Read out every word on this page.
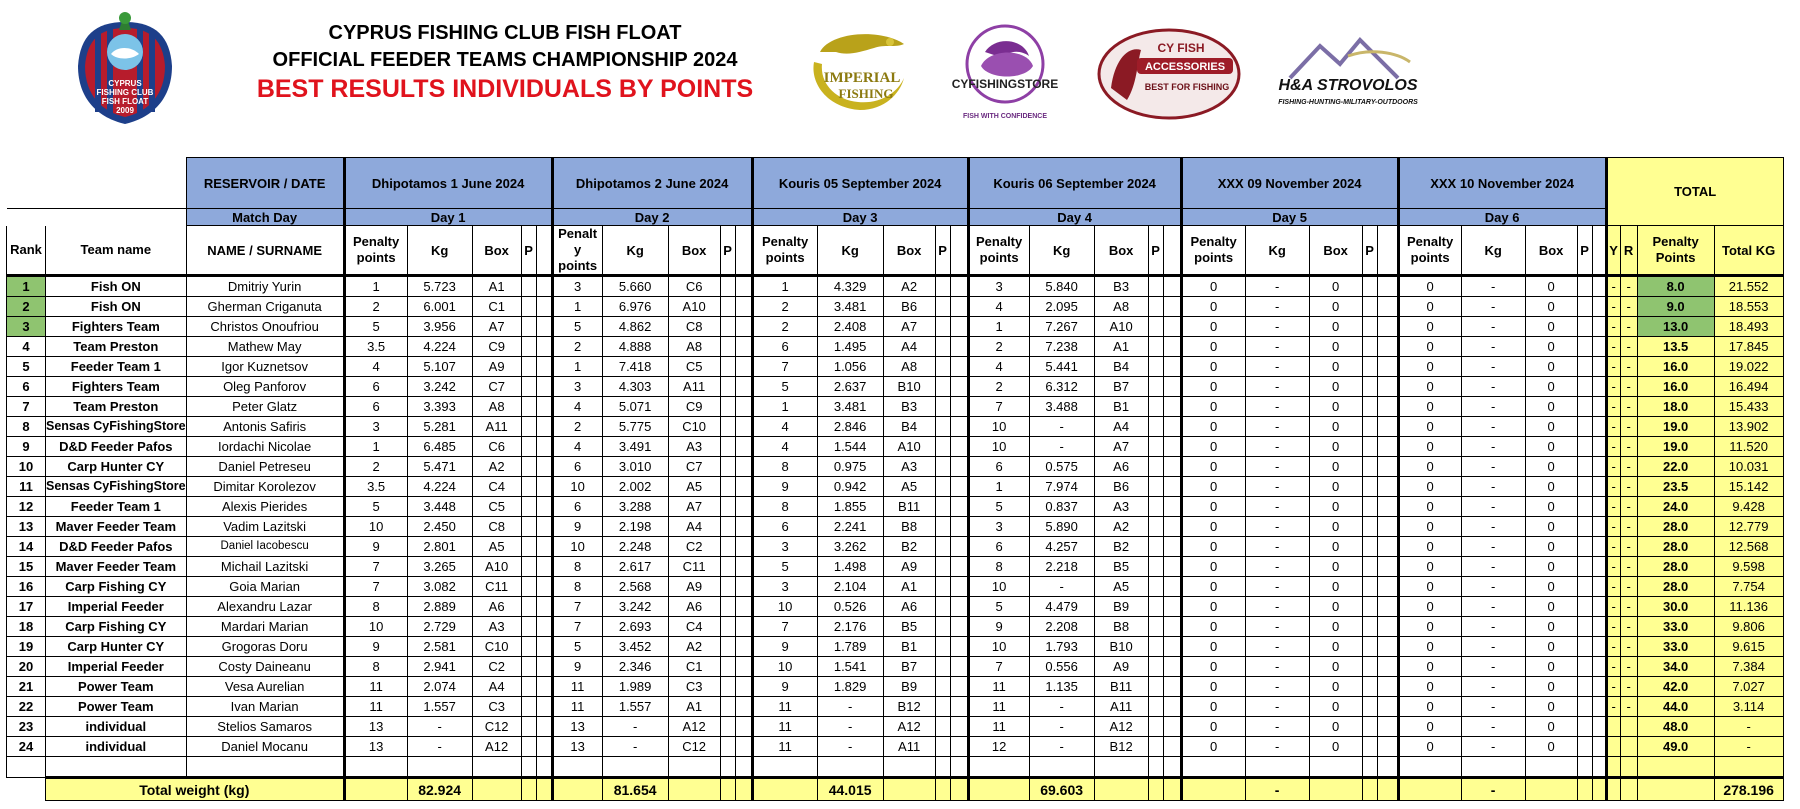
CYPRUS
FISHING CLUB
FISH FLOAT
2009
CYPRUS FISHING CLUB FISH FLOAT
OFFICIAL FEEDER TEAMS CHAMPIONSHIP 2024
BEST RESULTS INDIVIDUALS BY POINTS	IMPERIAL
FISHING
CYFISHINGSTORE
FISH WITH CONFIDENCE
CY FISH
ACCESSORIES
BEST FOR FISHING	H&A STROVOLOS
FISHING-HUNTING-MILITARY-OUTDOORS
		RESERVOIR / DATE	Dhipotamos 1 June 2024					Dhipotamos 2 June 2024					Kouris 05 September 2024					Kouris 06 September 2024					XXX 09 November 2024					XXX 10 November 2024					TOTAL			
		Match Day	Day 1					Day 2					Day 3					Day 4					Day 5					Day 6								
Rank	Team name	NAME / SURNAME	Penalty points	Kg	Box	P		Penalt y points	Kg	Box	P		Penalty points	Kg	Box	P		Penalty points	Kg	Box	P		Penalty points	Kg	Box	P		Penalty points	Kg	Box	P		Y	R	Penalty Points	Total KG
1	Fish ON	Dmitriy Yurin	1	5.723	A1			3	5.660	C6			1	4.329	A2			3	5.840	B3			0	-	0			0	-	0			-	-	8.0	21.552
2	Fish ON	Gherman Criganuta	2	6.001	C1			1	6.976	A10			2	3.481	B6			4	2.095	A8			0	-	0			0	-	0			-	-	9.0	18.553
3	Fighters Team	Christos Onoufriou	5	3.956	A7			5	4.862	C8			2	2.408	A7			1	7.267	A10			0	-	0			0	-	0			-	-	13.0	18.493
4	Team Preston	Mathew May	3.5	4.224	C9			2	4.888	A8			6	1.495	A4			2	7.238	A1			0	-	0			0	-	0			-	-	13.5	17.845
5	Feeder Team 1	Igor Kuznetsov	4	5.107	A9			1	7.418	C5			7	1.056	A8			4	5.441	B4			0	-	0			0	-	0			-	-	16.0	19.022
6	Fighters Team	Oleg Panforov	6	3.242	C7			3	4.303	A11			5	2.637	B10			2	6.312	B7			0	-	0			0	-	0			-	-	16.0	16.494
7	Team Preston	Peter Glatz	6	3.393	A8			4	5.071	C9			1	3.481	B3			7	3.488	B1			0	-	0			0	-	0			-	-	18.0	15.433
8	Sensas CyFishingStore	Antonis Safiris	3	5.281	A11			2	5.775	C10			4	2.846	B4			10	-	A4			0	-	0			0	-	0			-	-	19.0	13.902
9	D&D Feeder Pafos	Iordachi Nicolae	1	6.485	C6			4	3.491	A3			4	1.544	A10			10	-	A7			0	-	0			0	-	0			-	-	19.0	11.520
10	Carp Hunter CY	Daniel Petreseu	2	5.471	A2			6	3.010	C7			8	0.975	A3			6	0.575	A6			0	-	0			0	-	0			-	-	22.0	10.031
11	Sensas CyFishingStore	Dimitar Korolezov	3.5	4.224	C4			10	2.002	A5			9	0.942	A5			1	7.974	B6			0	-	0			0	-	0			-	-	23.5	15.142
12	Feeder Team 1	Alexis Pierides	5	3.448	C5			6	3.288	A7			8	1.855	B11			5	0.837	A3			0	-	0			0	-	0			-	-	24.0	9.428
13	Maver Feeder Team	Vadim Lazitski	10	2.450	C8			9	2.198	A4			6	2.241	B8			3	5.890	A2			0	-	0			0	-	0			-	-	28.0	12.779
14	D&D Feeder Pafos	Daniel Iacobescu	9	2.801	A5			10	2.248	C2			3	3.262	B2			6	4.257	B2			0	-	0			0	-	0			-	-	28.0	12.568
15	Maver Feeder Team	Michail Lazitski	7	3.265	A10			8	2.617	C11			5	1.498	A9			8	2.218	B5			0	-	0			0	-	0			-	-	28.0	9.598
16	Carp Fishing CY	Goia Marian	7	3.082	C11			8	2.568	A9			3	2.104	A1			10	-	A5			0	-	0			0	-	0			-	-	28.0	7.754
17	Imperial Feeder	Alexandru Lazar	8	2.889	A6			7	3.242	A6			10	0.526	A6			5	4.479	B9			0	-	0			0	-	0			-	-	30.0	11.136
18	Carp Fishing CY	Mardari Marian	10	2.729	A3			7	2.693	C4			7	2.176	B5			9	2.208	B8			0	-	0			0	-	0			-	-	33.0	9.806
19	Carp Hunter CY	Grogoras Doru	9	2.581	C10			5	3.452	A2			9	1.789	B1			10	1.793	B10			0	-	0			0	-	0			-	-	33.0	9.615
20	Imperial Feeder	Costy Daineanu	8	2.941	C2			9	2.346	C1			10	1.541	B7			7	0.556	A9			0	-	0			0	-	0			-	-	34.0	7.384
21	Power Team	Vesa Aurelian	11	2.074	A4			11	1.989	C3			9	1.829	B9			11	1.135	B11			0	-	0			0	-	0			-	-	42.0	7.027
22	Power Team	Ivan Marian	11	1.557	C3			11	1.557	A1			11	-	B12			11	-	A11			0	-	0			0	-	0			-	-	44.0	3.114
23	individual	Stelios Samaros	13	-	C12			13	-	A12			11	-	A12			11	-	A12			0	-	0			0	-	0					48.0	-
24	individual	Daniel Mocanu	13	-	A12			13	-	C12			11	-	A11			12	-	B12			0	-	0			0	-	0					49.0	-

	Total weight (kg)			82.924					81.654					44.015					69.603					-					-							278.196
